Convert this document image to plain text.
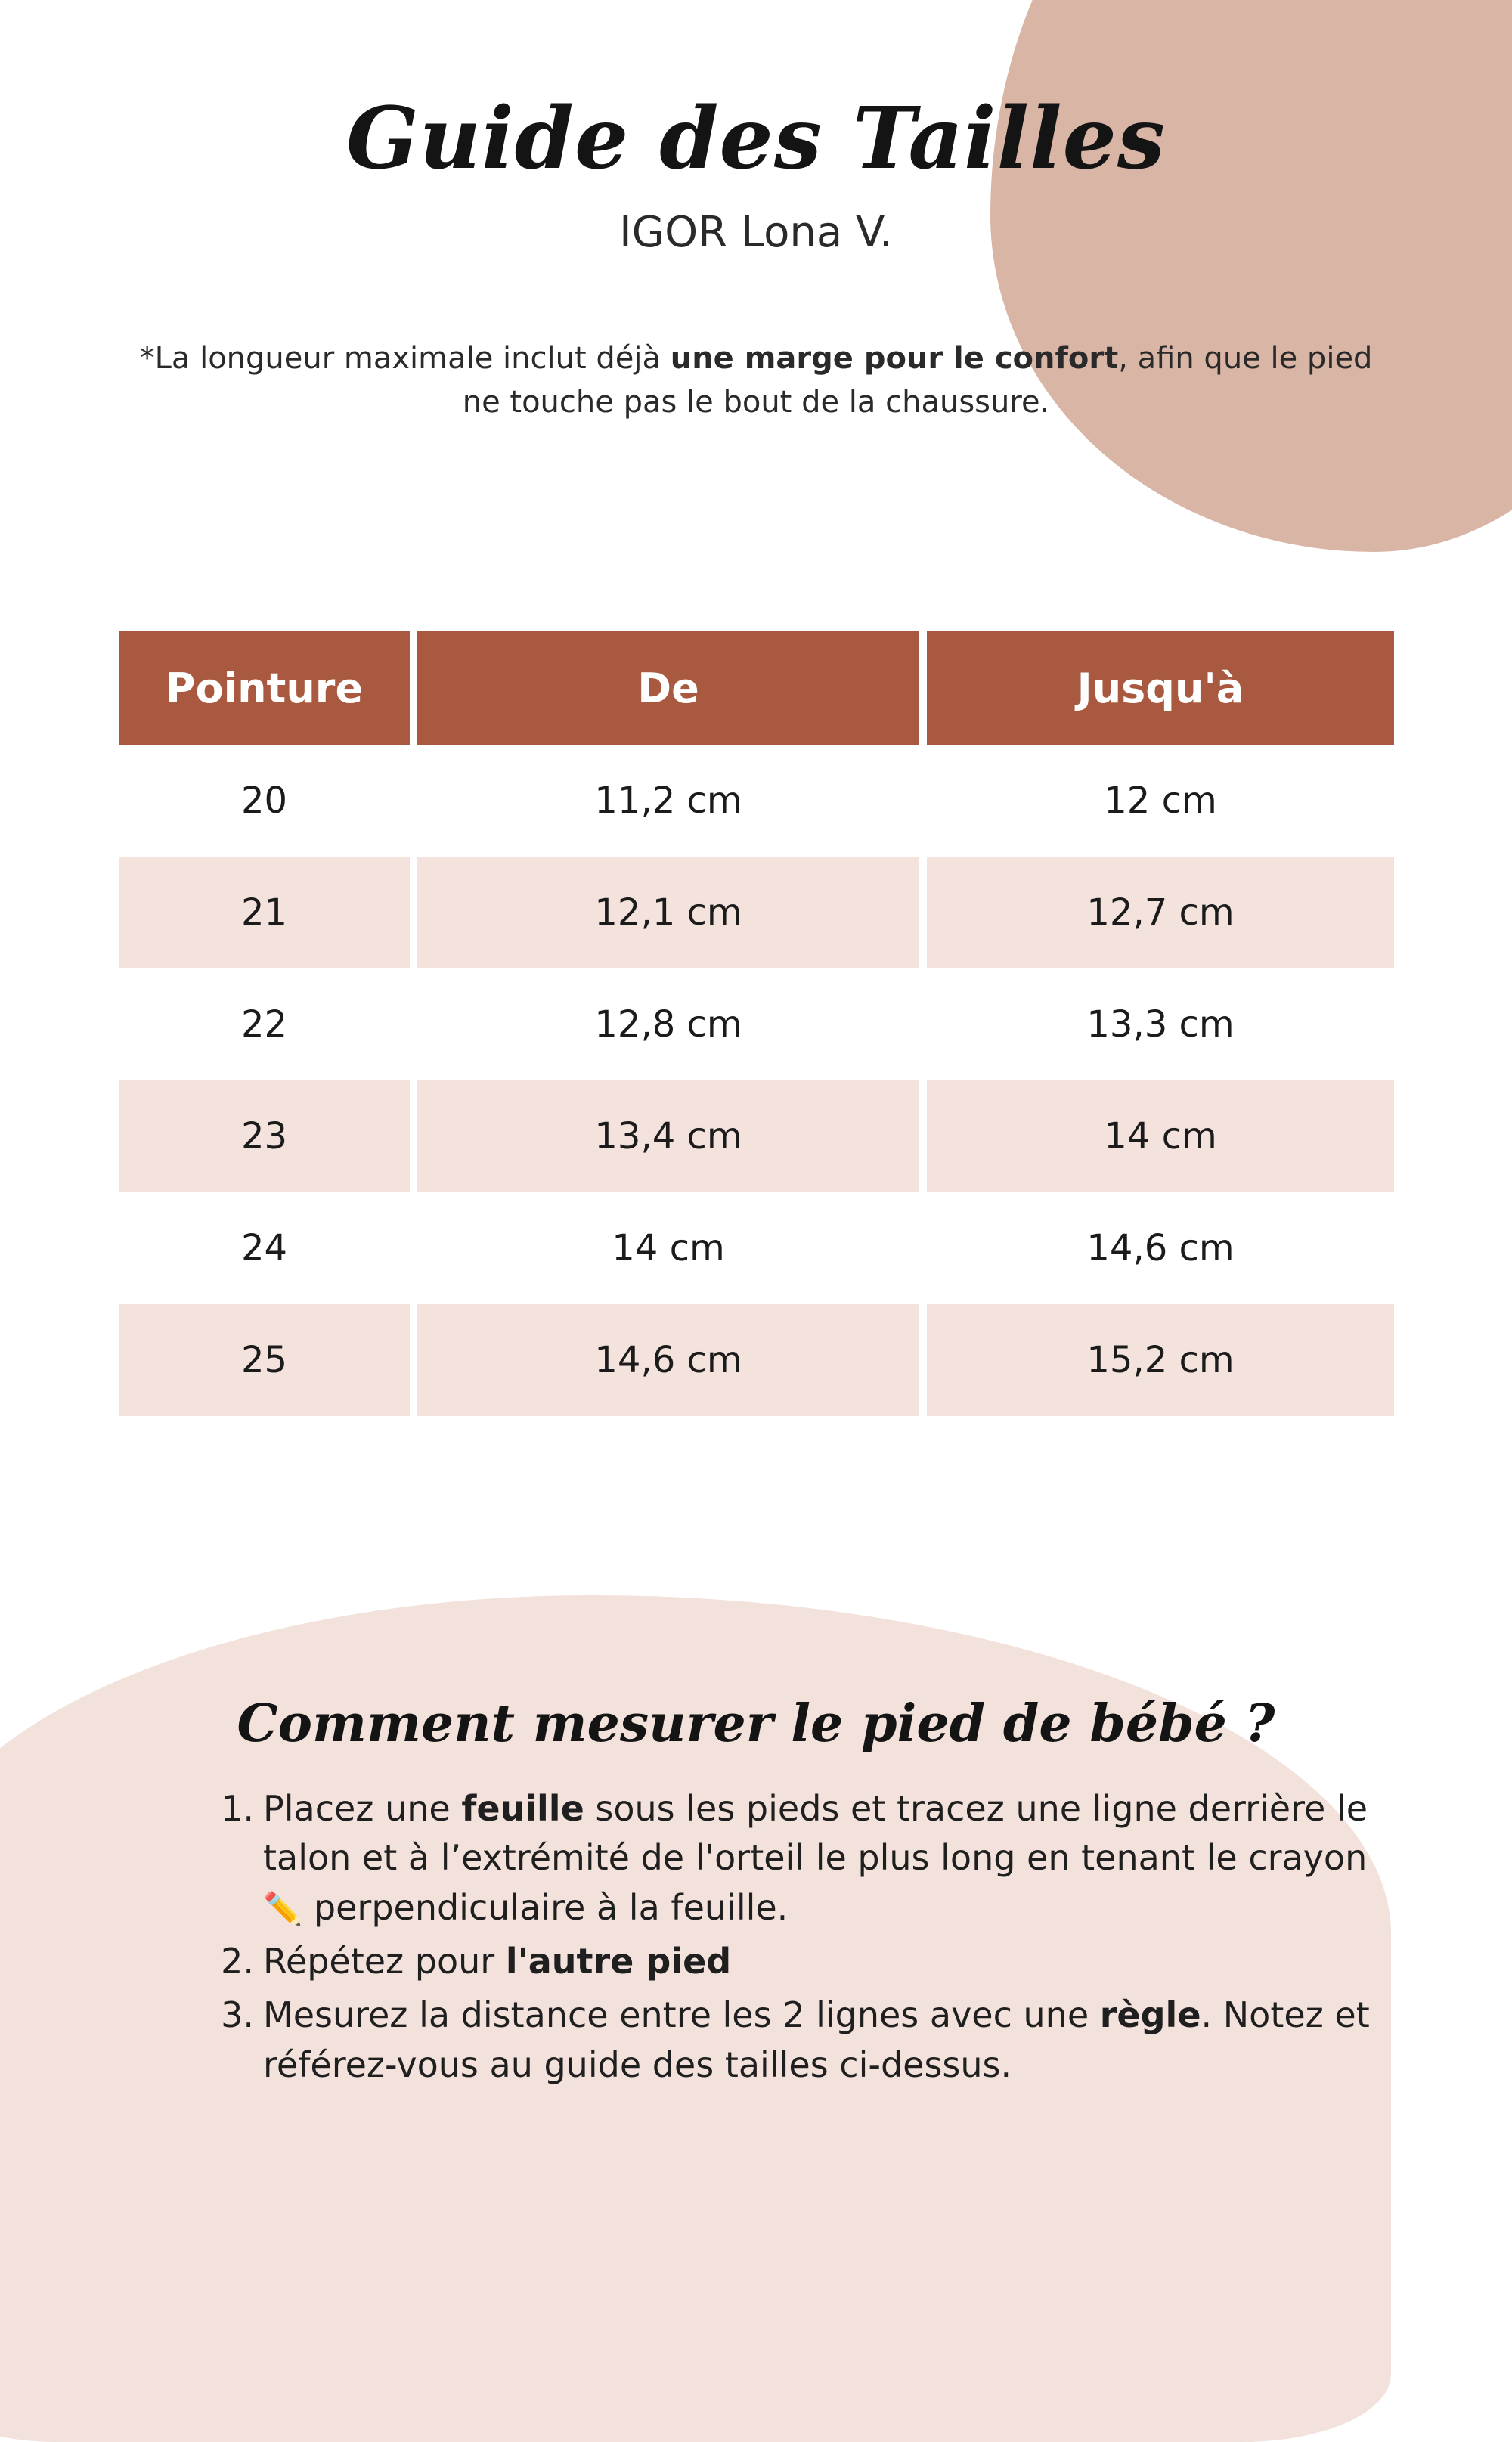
Guide des Tailles
IGOR Lona V.
*La longueur maximale inclut déjà une marge pour le confort, afin que le pied ne touche pas le bout de la chaussure.
Pointure	De	Jusqu'à
20	11,2 cm	12 cm
21	12,1 cm	12,7 cm
22	12,8 cm	13,3 cm
23	13,4 cm	14 cm
24	14 cm	14,6 cm
25	14,6 cm	15,2 cm
Comment mesurer le pied de bébé ?
1. Placez une feuille sous les pieds et tracez une ligne derrière le talon et à l’extrémité de l'orteil le plus long en tenant le crayon ✏️ perpendiculaire à la feuille.
2. Répétez pour l'autre pied
3. Mesurez la distance entre les 2 lignes avec une règle. Notez et référez-vous au guide des tailles ci-dessus.
